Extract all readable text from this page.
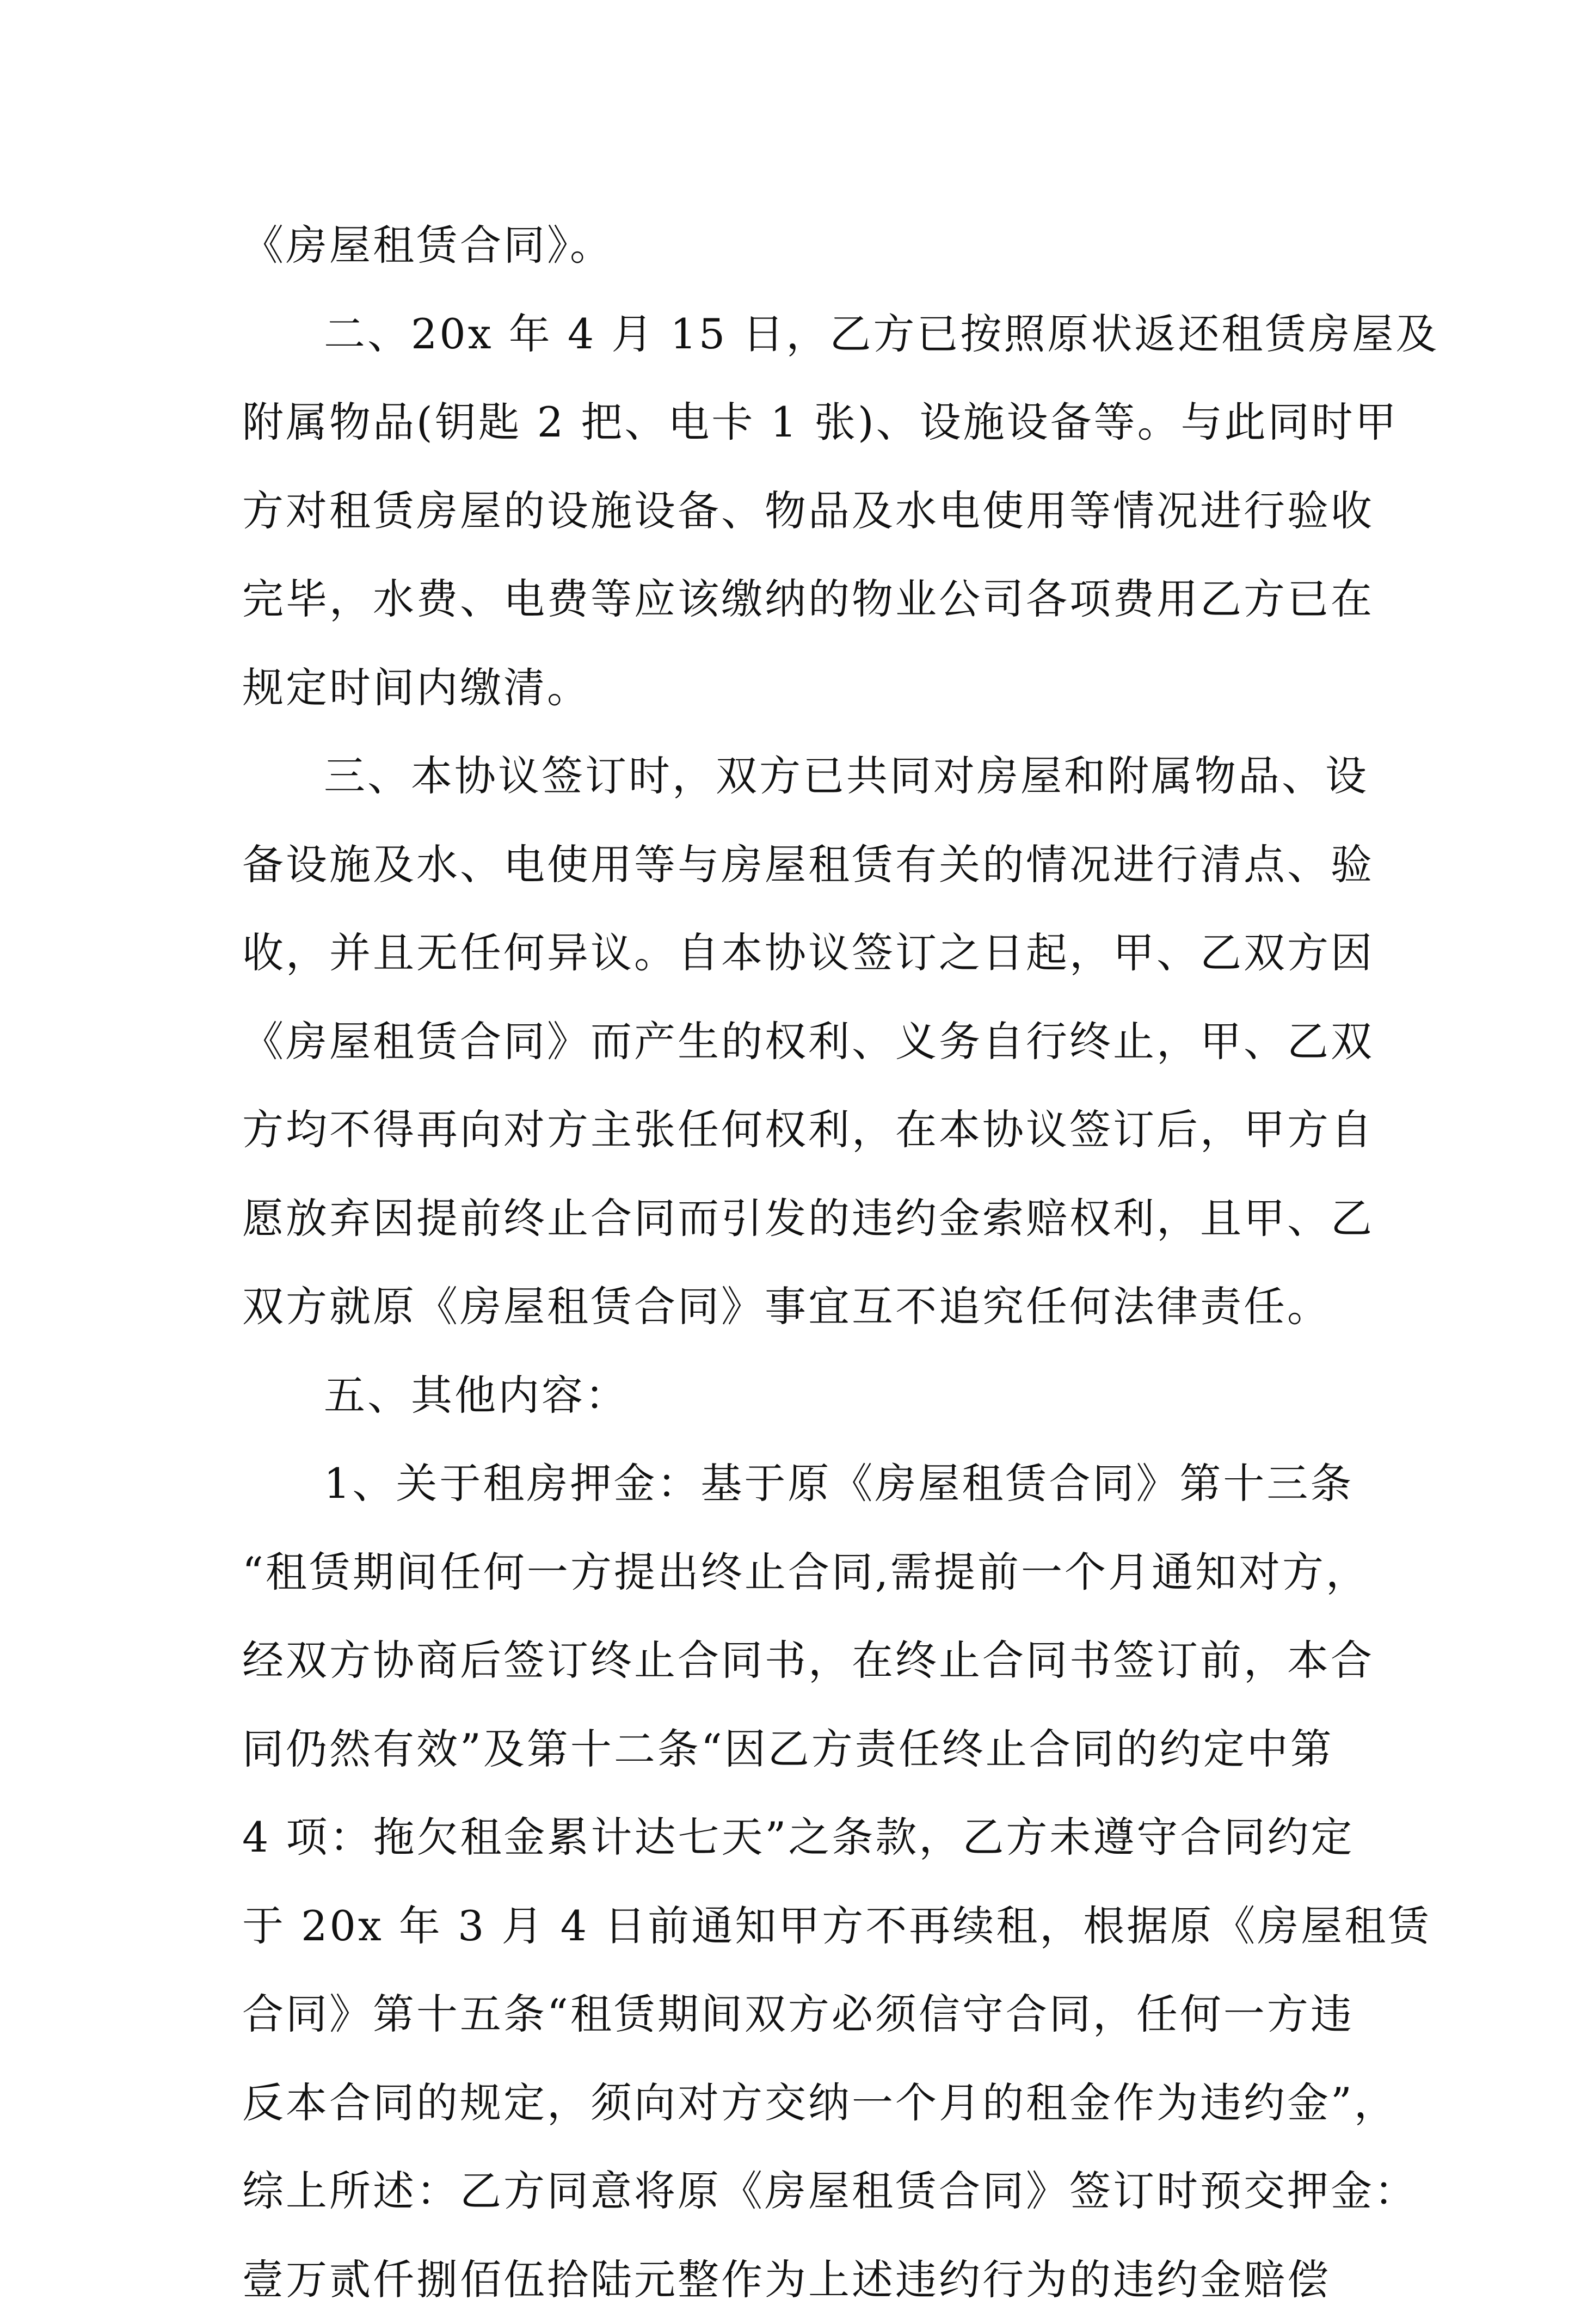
《房屋租赁合同》。
二、20x 年 4 月 15 日，乙方已按照原状返还租赁房屋及
附属物品(钥匙 2 把、电卡 1 张)、设施设备等。与此同时甲
方对租赁房屋的设施设备、物品及水电使用等情况进行验收
完毕，水费、电费等应该缴纳的物业公司各项费用乙方已在
规定时间内缴清。
三、本协议签订时，双方已共同对房屋和附属物品、设
备设施及水、电使用等与房屋租赁有关的情况进行清点、验
收，并且无任何异议。自本协议签订之日起，甲、乙双方因
《房屋租赁合同》而产生的权利、义务自行终止，甲、乙双
方均不得再向对方主张任何权利，在本协议签订后，甲方自
愿放弃因提前终止合同而引发的违约金索赔权利，且甲、乙
双方就原《房屋租赁合同》事宜互不追究任何法律责任。
五、其他内容：
1、关于租房押金：基于原《房屋租赁合同》第十三条
“租赁期间任何一方提出终止合同,需提前一个月通知对方，
经双方协商后签订终止合同书，在终止合同书签订前，本合
同仍然有效”及第十二条“因乙方责任终止合同的约定中第
4 项：拖欠租金累计达七天”之条款，乙方未遵守合同约定
于 20x 年 3 月 4 日前通知甲方不再续租，根据原《房屋租赁
合同》第十五条“租赁期间双方必须信守合同，任何一方违
反本合同的规定，须向对方交纳一个月的租金作为违约金”，
综上所述：乙方同意将原《房屋租赁合同》签订时预交押金：
壹万贰仟捌佰伍拾陆元整作为上述违约行为的违约金赔偿
